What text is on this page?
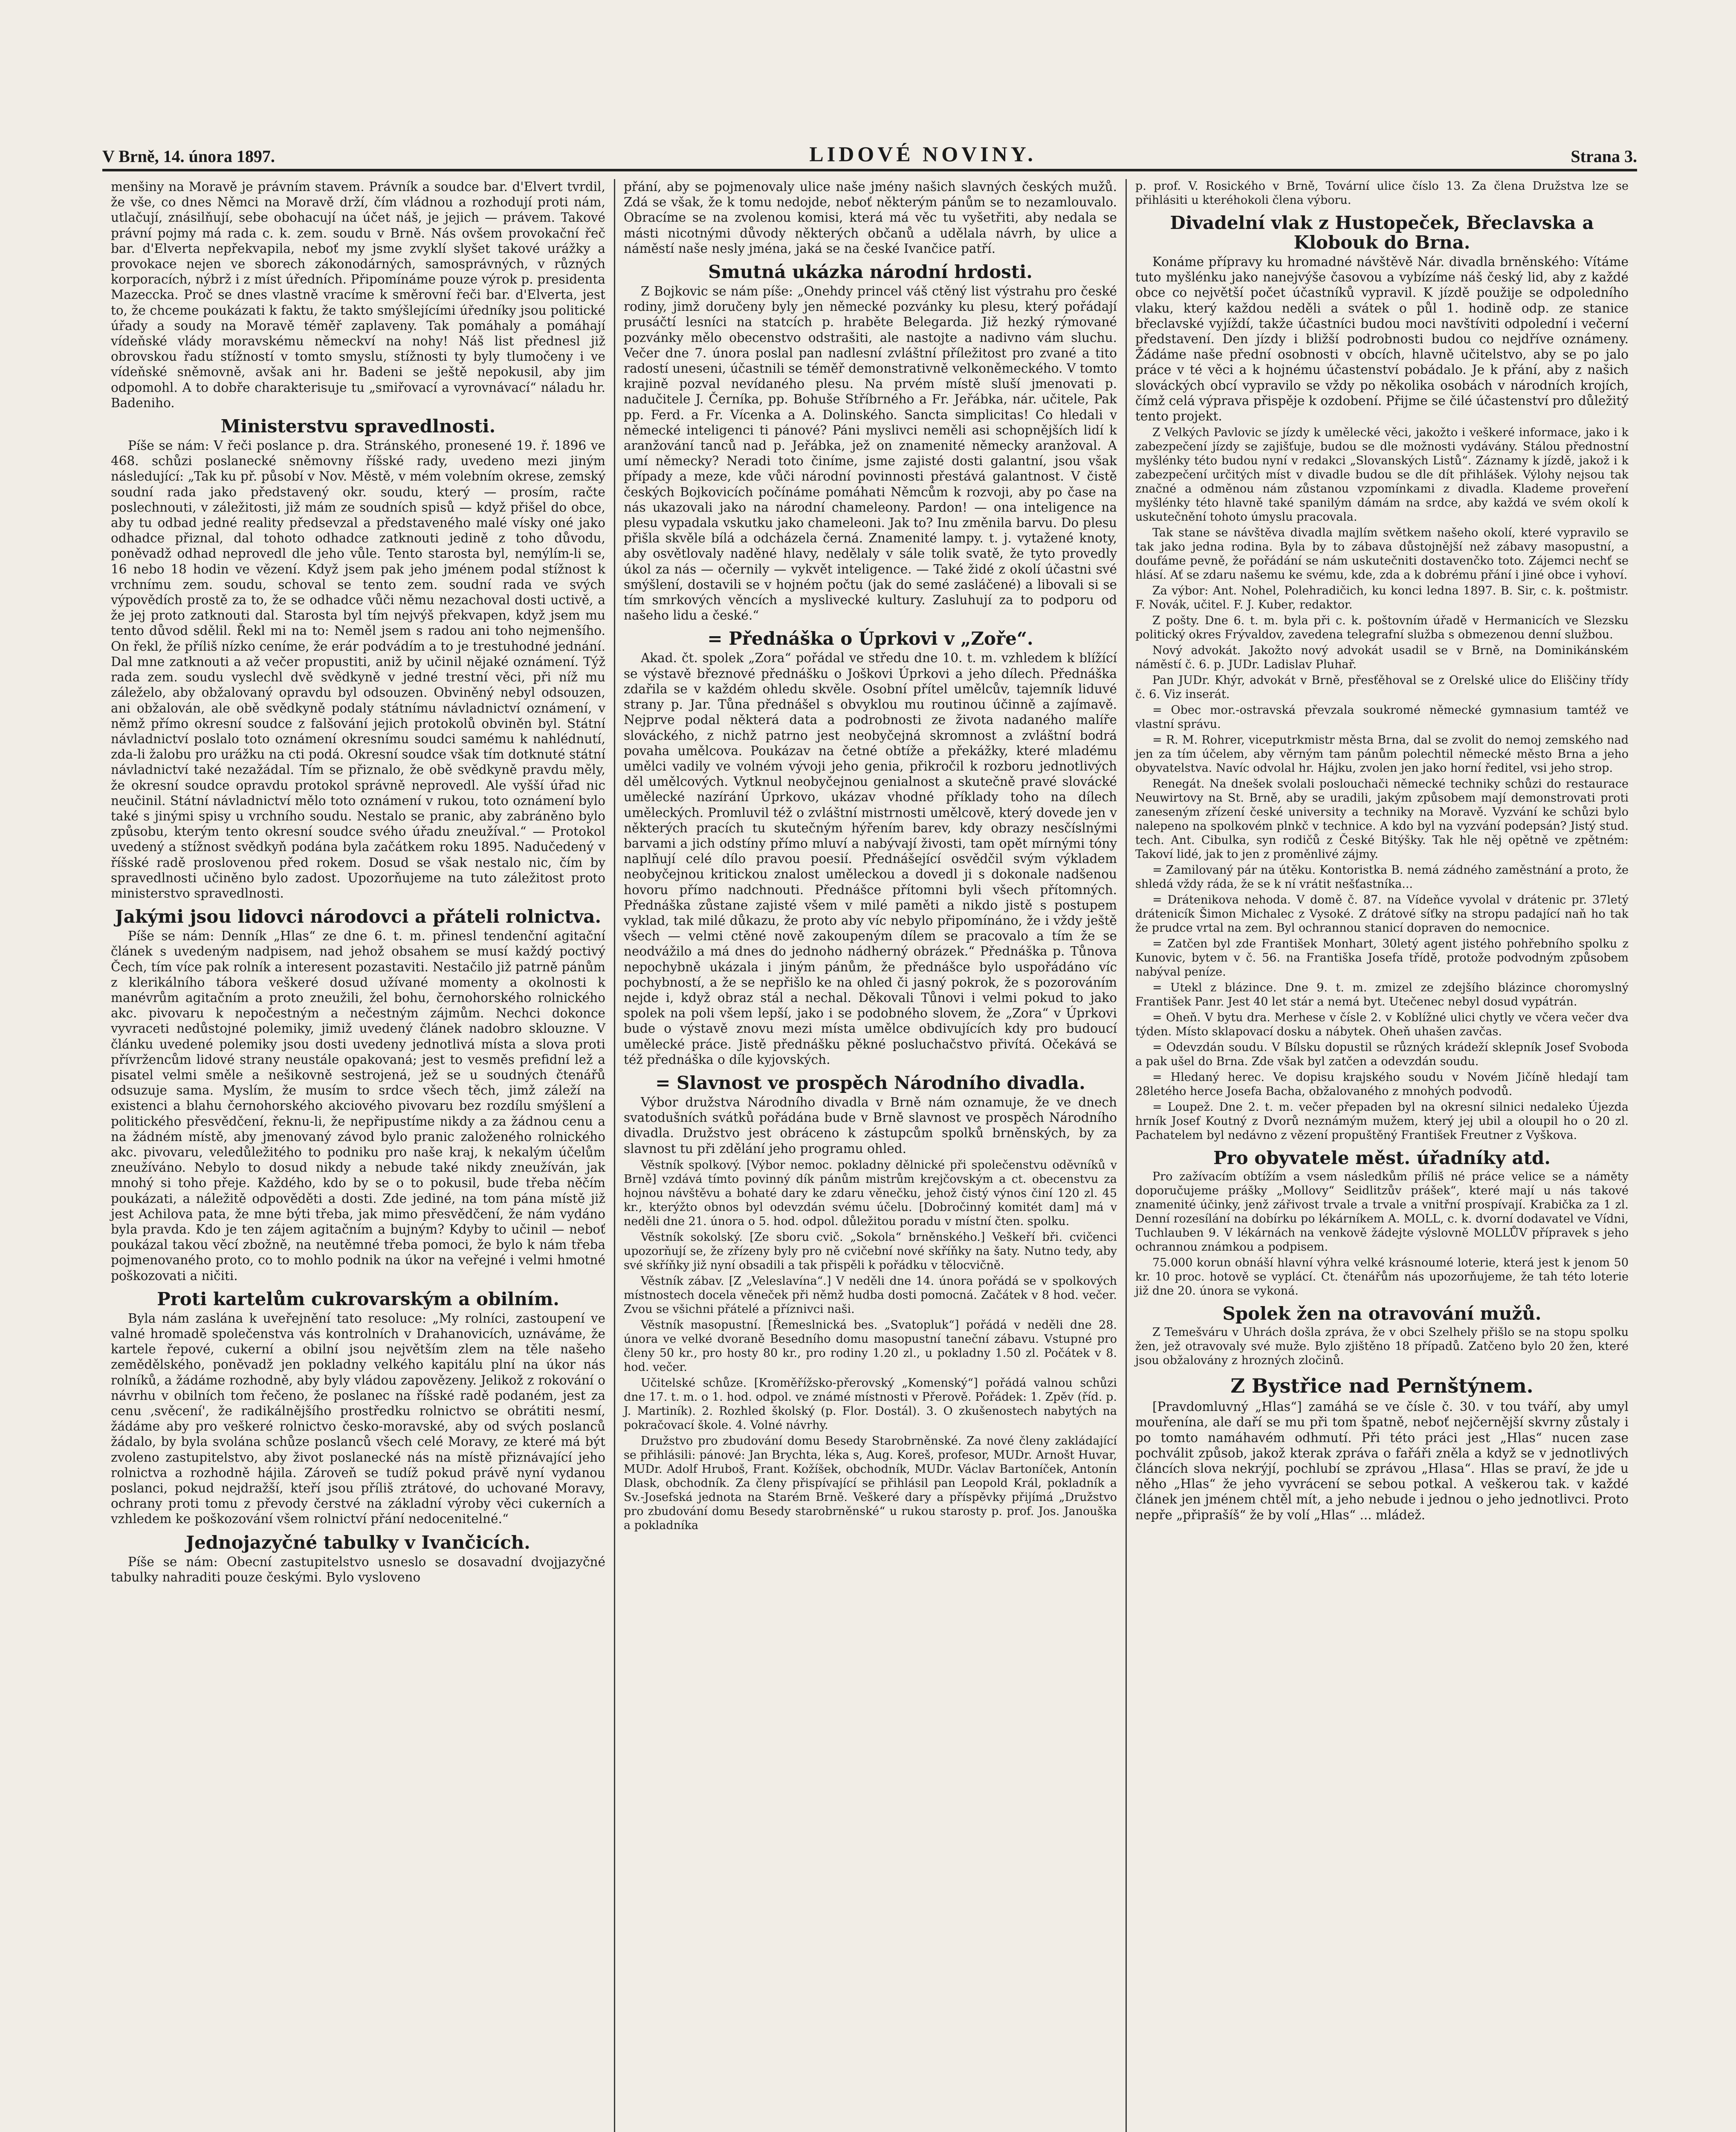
V Brně, 14. února 1897.	LIDOVÉ NOVINY.	Strana 3.

menšiny na Moravě je právním stavem. Právník a soudce bar. d'Elvert tvrdil, že vše, co dnes Němci na Moravě drží, čím vládnou a rozhodují proti nám, utlačují, znásilňují, sebe obohacují na účet náš, je jejich — právem. Takové právní pojmy má rada c. k. zem. soudu v Brně. Nás ovšem provokační řeč bar. d'Elverta nepřekvapila, neboť my jsme zvyklí slyšet takové urážky a provokace nejen ve sborech zákonodárných, samosprávných, v různých korporacích, nýbrž i z míst úředních. Připomínáme pouze výrok p. presidenta Mazeccka. Proč se dnes vlastně vracíme k směrovní řeči bar. d'Elverta, jest to, že chceme poukázati k faktu, že takto smýšlejícími úředníky jsou politické úřady a soudy na Moravě téměř zaplaveny. Tak pomáhaly a pomáhají vídeňské vlády moravskému německví na nohy! Náš list přednesl již obrovskou řadu stížností v tomto smyslu, stížnosti ty byly tlumočeny i ve vídeňské sněmovně, avšak ani hr. Badeni se ještě nepokusil, aby jim odpomohl. A to dobře charakterisuje tu „smiřovací a vyrovnávací“ náladu hr. Badeniho.

Ministerstvu spravedlnosti.

Píše se nám: V řeči poslance p. dra. Stránského, pronesené 19. ř. 1896 ve 468. schůzi poslanecké sněmovny říšské rady, uvedeno mezi jiným následující: „Tak ku př. působí v Nov. Městě, v mém volebním okrese, zemský soudní rada jako představený okr. soudu, který — prosím, račte poslechnouti, v záležitosti, již mám ze soudních spisů — když přišel do obce, aby tu odbad jedné reality předsevzal a představeného malé vísky oné jako odhadce přiznal, dal tohoto odhadce zatknouti jedině z toho důvodu, poněvadž odhad neprovedl dle jeho vůle. Tento starosta byl, nemýlím-li se, 16 nebo 18 hodin ve vězení. Když jsem pak jeho jménem podal stížnost k vrchnímu zem. soudu, schoval se tento zem. soudní rada ve svých výpovědích prostě za to, že se odhadce vůči němu nezachoval dosti uctivě, a že jej proto zatknouti dal. Starosta byl tím nejvýš překvapen, když jsem mu tento důvod sdělil. Řekl mi na to: Neměl jsem s radou ani toho nejmenšího. On řekl, že příliš nízko ceníme, že erár podvádím a to je trestuhodné jednání. Dal mne zatknouti a až večer propustiti, aniž by učinil nějaké oznámení. Týž rada zem. soudu vyslechl dvě svědkyně v jedné trestní věci, při níž mu záleželo, aby obžalovaný opravdu byl odsouzen. Obviněný nebyl odsouzen, ani obžalován, ale obě svědkyně podaly státnímu návladnictví oznámení, v němž přímo okresní soudce z falšování jejich protokolů obviněn byl. Státní návladnictví poslalo toto oznámení okresnímu soudci samému k nahlédnutí, zda-li žalobu pro urážku na cti podá. Okresní soudce však tím dotknuté státní návladnictví také nezažádal. Tím se přiznalo, že obě svědkyně pravdu měly, že okresní soudce opravdu protokol správně neprovedl. Ale vyšší úřad nic neučinil. Státní návladnictví mělo toto oznámení v rukou, toto oznámení bylo také s jinými spisy u vrchního soudu. Nestalo se pranic, aby zabráněno bylo způsobu, kterým tento okresní soudce svého úřadu zneužíval.“ — Protokol uvedený a stížnost svědkyň podána byla začátkem roku 1895. Nadučedený v říšské radě proslovenou před rokem. Dosud se však nestalo nic, čím by spravedlnosti učiněno bylo zadost. Upozorňujeme na tuto záležitost proto ministerstvo spravedlnosti.

Jakými jsou lidovci národovci a přáteli rolnictva.

Píše se nám: Denník „Hlas“ ze dne 6. t. m. přinesl tendenční agitační článek s uvedeným nadpisem, nad jehož obsahem se musí každý poctivý Čech, tím více pak rolník a interesent pozastaviti. Nestačilo již patrně pánům z klerikálního tábora veškeré dosud užívané momenty a okolnosti k manévrům agitačním a proto zneužili, žel bohu, černohorského rolnického akc. pivovaru k nepočestným a nečestným zájmům. Nechci dokonce vyvraceti nedůstojné polemiky, jimiž uvedený článek nadobro sklouzne. V článku uvedené polemiky jsou dosti uvedeny jednotlivá místa a slova proti přívržencům lidové strany neustále opakovaná; jest to vesměs prefidní lež a pisatel velmi směle a nešikovně sestrojená, jež se u soudných čtenářů odsuzuje sama. Myslím, že musím to srdce všech těch, jimž záleží na existenci a blahu černohorského akciového pivovaru bez rozdílu smýšlení a politického přesvědčení, řeknu-li, že nepřipustíme nikdy a za žádnou cenu a na žádném místě, aby jmenovaný závod bylo pranic založeného rolnického akc. pivovaru, veledůležitého to podniku pro naše kraj, k nekalým účelům zneužíváno. Nebylo to dosud nikdy a nebude také nikdy zneužíván, jak mnohý si toho přeje. Každého, kdo by se o to pokusil, bude třeba něčím poukázati, a náležitě odpověděti a dosti. Zde jediné, na tom pána místě již jest Achilova pata, že mne býti třeba, jak mimo přesvědčení, že nám vydáno byla pravda. Kdo je ten zájem agitačním a bujným? Kdyby to učinil — neboť poukázal takou věcí zbožně, na neutěmné třeba pomoci, že bylo k nám třeba pojmenovaného proto, co to mohlo podnik na úkor na veřejné i velmi hmotné poškozovati a ničiti.

Proti kartelům cukrovarským a obilním.

Byla nám zaslána k uveřejnění tato resoluce: „My rolníci, zastoupení ve valné hromadě společenstva vás kontrolních v Drahanovicích, uznáváme, že kartele řepové, cukerní a obilní jsou největším zlem na těle našeho zemědělského, poněvadž jen pokladny velkého kapitálu plní na úkor nás rolníků, a žádáme rozhodně, aby byly vládou zapovězeny. Jelikož z rokování o návrhu v obilních tom řečeno, že poslanec na říšské radě podaném, jest za cenu ,svěcení', že radikálnějšího prostředku rolnictvo se obrátiti nesmí, žádáme aby pro veškeré rolnictvo česko-moravské, aby od svých poslanců žádalo, by byla svolána schůze poslanců všech celé Moravy, ze které má být zvoleno zastupitelstvo, aby život poslanecké nás na místě přiznávající jeho rolnictva a rozhodně hájila. Zároveň se tudíž pokud právě nyní vydanou poslanci, pokud nejdražší, kteří jsou příliš ztrátové, do uchované Moravy, ochrany proti tomu z převody čerstvé na základní výroby věci cukerních a vzhledem ke poškozování všem rolnictví přání nedocenitelné.“

Jednojazyčné tabulky v Ivančicích.

Píše se nám: Obecní zastupitelstvo usneslo se dosavadní dvojjazyčné tabulky nahraditi pouze českými. Bylo vysloveno

přání, aby se pojmenovaly ulice naše jmény našich slavných českých mužů. Zdá se však, že k tomu nedojde, neboť některým pánům se to nezamlouvalo. Obracíme se na zvolenou komisi, která má věc tu vyšetřiti, aby nedala se másti nicotnými důvody některých občanů a udělala návrh, by ulice a náměstí naše nesly jména, jaká se na české Ivančice patří.

Smutná ukázka národní hrdosti.

Z Bojkovic se nám píše: „Onehdy princel váš ctěný list výstrahu pro české rodiny, jimž doručeny byly jen německé pozvánky ku plesu, který pořádají prusáčtí lesníci na statcích p. hraběte Belegarda. Již hezký rýmované pozvánky mělo obecenstvo odstrašiti, ale nastojte a nadivno vám sluchu. Večer dne 7. února poslal pan nadlesní zvláštní příležitost pro zvané a tito radostí uneseni, účastnili se téměř demonstrativně velkoněmeckého. V tomto krajině pozval nevídaného plesu. Na prvém místě sluší jmenovati p. nadučitele J. Černíka, pp. Bohuše Stříbrného a Fr. Jeřábka, nár. učitele, Pak pp. Ferd. a Fr. Vícenka a A. Dolinského. Sancta simplicitas! Co hledali v německé inteligenci ti pánové? Páni myslivci neměli asi schopnějších lidí k aranžování tanců nad p. Jeřábka, jež on znamenité německy aranžoval. A umí německy? Neradi toto činíme, jsme zajisté dosti galantní, jsou však případy a meze, kde vůči národní povinnosti přestává galantnost. V čistě českých Bojkovicích počínáme pomáhati Němcům k rozvoji, aby po čase na nás ukazovali jako na národní chameleony. Pardon! — ona inteligence na plesu vypadala vskutku jako chameleoni. Jak to? Inu změnila barvu. Do plesu přišla skvěle bílá a odcházela černá. Znamenité lampy. t. j. vytažené knoty, aby osvětlovaly naděné hlavy, nedělaly v sále tolik svatě, že tyto provedly úkol za nás — očernily — vykvět inteligence. — Také židé z okolí účastni své smýšlení, dostavili se v hojném počtu (jak do semé zasláčené) a libovali si se tím smrkových věncích a myslivecké kultury. Zasluhují za to podporu od našeho lidu a české.“

= Přednáška o Úprkovi v „Zoře“.

Akad. čt. spolek „Zora“ pořádal ve středu dne 10. t. m. vzhledem k blížící se výstavě březnové přednášku o Joškovi Úprkovi a jeho dílech. Přednáška zdařila se v každém ohledu skvěle. Osobní přítel umělcův, tajemník liduvé strany p. Jar. Tůna přednášel s obvyklou mu routinou účinně a zajímavě. Nejprve podal některá data a podrobnosti ze života nadaného malíře slováckého, z nichž patrno jest neobyčejná skromnost a zvláštní bodrá povaha umělcova. Poukázav na četné obtíže a překážky, které mladému umělci vadily ve volném vývoji jeho genia, přikročil k rozboru jednotlivých děl umělcových. Vytknul neobyčejnou genialnost a skutečně pravé slovácké umělecké nazírání Úprkovo, ukázav vhodné příklady toho na dílech uměleckých. Promluvil též o zvláštní mistrnosti umělcově, který dovede jen v některých pracích tu skutečným hýřením barev, kdy obrazy nesčíslnými barvami a jich odstíny přímo mluví a nabývají živosti, tam opět mírnými tóny naplňují celé dílo pravou poesií. Přednášející osvědčil svým výkladem neobyčejnou kritickou znalost uměleckou a dovedl ji s dokonale nadšenou hovoru přímo nadchnouti. Přednášce přítomni byli všech přítomných. Přednáška zůstane zajisté všem v milé paměti a nikdo jistě s postupem vyklad, tak milé důkazu, že proto aby víc nebylo připomínáno, že i vždy ještě všech — velmi ctěné nově zakoupeným dílem se pracovalo a tím že se neodvážilo a má dnes do jednoho nádherný obrázek.“ Přednáška p. Tůnova nepochybně ukázala i jiným pánům, že přednášce bylo uspořádáno víc pochybností, a že se nepřišlo ke na ohled či jasný pokrok, že s pozorováním nejde i, když obraz stál a nechal. Děkovali Tůnovi i velmi pokud to jako spolek na poli všem lepší, jako i se podobného slovem, že „Zora“ v Úprkovi bude o výstavě znovu mezi místa umělce obdivujících kdy pro budoucí umělecké práce. Jistě přednášku pěkné posluchačstvo přivítá. Očekává se též přednáška o díle kyjovských.

= Slavnost ve prospěch Národního divadla.

Výbor družstva Národního divadla v Brně nám oznamuje, že ve dnech svatodušních svátků pořádána bude v Brně slavnost ve prospěch Národního divadla. Družstvo jest obráceno k zástupcům spolků brněnských, by za slavnost tu při zdělání jeho programu ohled.

Věstník spolkový. [Výbor nemoc. pokladny dělnické při společenstvu oděvníků v Brně] vzdává tímto povinný dík pánům mistrům krejčovským a ct. obecenstvu za hojnou návštěvu a bohaté dary ke zdaru věnečku, jehož čistý výnos činí 120 zl. 45 kr., kterýžto obnos byl odevzdán svému účelu. [Dobročinný komitét dam] má v neděli dne 21. února o 5. hod. odpol. důležitou poradu v místní čten. spolku.

Věstník sokolský. [Ze sboru cvič. „Sokola“ brněnského.] Veškeří bři. cvičenci upozorňují se, že zřízeny byly pro ně cvičební nové skříňky na šaty. Nutno tedy, aby své skříňky již nyní obsadili a tak přispěli k pořádku v tělocvičně.

Věstník zábav. [Z „Veleslavína“.] V neděli dne 14. února pořádá se v spolkových místnostech docela věneček při němž hudba dosti pomocná. Začátek v 8 hod. večer. Zvou se všichni přátelé a příznivci naši.

Věstník masopustní. [Řemeslnická bes. „Svatopluk“] pořádá v neděli dne 28. února ve velké dvoraně Besedního domu masopustní taneční zábavu. Vstupné pro členy 50 kr., pro hosty 80 kr., pro rodiny 1.20 zl., u pokladny 1.50 zl. Počátek v 8. hod. večer.

Učitelské schůze. [Kroměřížsko-přerovský „Komenský“] pořádá valnou schůzi dne 17. t. m. o 1. hod. odpol. ve známé místnosti v Přerově. Pořádek: 1. Zpěv (říd. p. J. Martiník). 2. Rozhled školský (p. Flor. Dostál). 3. O zkušenostech nabytých na pokračovací škole. 4. Volné návrhy.

Družstvo pro zbudování domu Besedy Starobrněnské. Za nové členy zakládající se přihlásili: pánové: Jan Brychta, léka s, Aug. Koreš, profesor, MUDr. Arnošt Huvar, MUDr. Adolf Hruboš, Frant. Kožíšek, obchodník, MUDr. Václav Bartoníček, Antonín Dlask, obchodník. Za členy přispívající se přihlásil pan Leopold Král, pokladník a Sv.-Josefská jednota na Starém Brně. Veškeré dary a příspěvky přijímá „Družstvo pro zbudování domu Besedy starobrněnské“ u rukou starosty p. prof. Jos. Janouška a pokladníka

p. prof. V. Rosického v Brně, Tovární ulice číslo 13. Za člena Družstva lze se přihlásiti u kteréhokoli člena výboru.

Divadelní vlak z Hustopeček, Břeclavska a Klobouk do Brna.

Konáme přípravy ku hromadné návštěvě Nár. divadla brněnského: Vítáme tuto myšlénku jako nanejvýše časovou a vybízíme náš český lid, aby z každé obce co největší počet účastníků vypravil. K jízdě použije se odpoledního vlaku, který každou neděli a svátek o půl 1. hodině odp. ze stanice břeclavské vyjíždí, takže účastníci budou moci navštíviti odpolední i večerní představení. Den jízdy i bližší podrobnosti budou co nejdříve oznámeny. Žádáme naše přední osobnosti v obcích, hlavně učitelstvo, aby se po jalo práce v té věci a k hojnému účastenství pobádalo. Je k přání, aby z našich slováckých obcí vypravilo se vždy po několika osobách v národních krojích, čímž celá výprava přispěje k ozdobení. Přijme se čilé účastenství pro důležitý tento projekt.

Z Velkých Pavlovic se jízdy k umělecké věci, jakožto i veškeré informace, jako i k zabezpečení jízdy se zajišťuje, budou se dle možnosti vydávány. Stálou přednostní myšlénky této budou nyní v redakci „Slovanských Listů“. Záznamy k jízdě, jakož i k zabezpečení určitých míst v divadle budou se dle dít přihlášek. Výlohy nejsou tak značné a odměnou nám zůstanou vzpomínkami z divadla. Klademe proveření myšlénky této hlavně také spanilým dámám na srdce, aby každá ve svém okolí k uskutečnění tohoto úmyslu pracovala.

Tak stane se návštěva divadla majlím světkem našeho okolí, které vypravilo se tak jako jedna rodina. Byla by to zábava důstojnější než zábavy masopustní, a doufáme pevně, že pořádání se nám uskutečniti dostavenčko toto. Zájemci nechť se hlásí. Ať se zdaru našemu ke svému, kde, zda a k dobrému přání i jiné obce i vyhoví.

Za výbor: Ant. Nohel, Polehradičich, ku konci ledna 1897. B. Sir, c. k. poštmistr. F. Novák, učitel. F. J. Kuber, redaktor.

Z pošty. Dne 6. t. m. byla při c. k. poštovním úřadě v Hermanicích ve Slezsku politický okres Frývaldov, zavedena telegrafní služba s obmezenou denní službou.

Nový advokát. Jakožto nový advokát usadil se v Brně, na Dominikánském náměstí č. 6. p. JUDr. Ladislav Pluhař.

Pan JUDr. Khýr, advokát v Brně, přesťěhoval se z Orelské ulice do Eliščiny třídy č. 6. Viz inserát.

= Obec mor.-ostravská převzala soukromé německé gymnasium tamtéž ve vlastní správu.

= R. M. Rohrer, viceputrkmistr města Brna, dal se zvolit do nemoj zemského nad jen za tím účelem, aby věrným tam pánům polechtil německé město Brna a jeho obyvatelstva. Navíc odvolal hr. Hájku, zvolen jen jako horní ředitel, vsi jeho strop.

Renegát. Na dnešek svolali poslouchači německé techniky schůzi do restaurace Neuwirtovy na St. Brně, aby se uradili, jakým způsobem mají demonstrovati proti zaneseným zřízení české university a techniky na Moravě. Vyzvání ke schůzi bylo nalepeno na spolkovém plnkč v technice. A kdo byl na vyzvání podepsán? Jistý stud. tech. Ant. Cibulka, syn rodičů z České Bitýšky. Tak hle něj opětně ve zpětném: Takoví lidé, jak to jen z proměnlivé zájmy.

= Zamilovaný pár na útěku. Kontoristka B. nemá zádného zaměstnání a proto, že shledá vždy ráda, že se k ní vrátit nešťastníka...

= Drátenikova nehoda. V domě č. 87. na Vídeňce vyvolal v drátenic pr. 37letý drátenicík Šimon Michalec z Vysoké. Z drátové síťky na stropu padající naň ho tak že prudce vrtal na zem. Byl ochrannou stanicí dopraven do nemocnice.

= Zatčen byl zde František Monhart, 30letý agent jistého pohřebního spolku z Kunovic, bytem v č. 56. na Františka Josefa třídě, protože podvodným způsobem nabýval peníze.

= Utekl z blázince. Dne 9. t. m. zmizel ze zdejšího blázince choromyslný František Panr. Jest 40 let stár a nemá byt. Utečenec nebyl dosud vypátrán.

= Oheň. V bytu dra. Merhese v čísle 2. v Koblížné ulici chytly ve včera večer dva týden. Místo sklapovací dosku a nábytek. Oheň uhašen zavčas.

= Odevzdán soudu. V Bílsku dopustil se různých krádeží sklepník Josef Svoboda a pak ušel do Brna. Zde však byl zatčen a odevzdán soudu.

= Hledaný herec. Ve dopisu krajského soudu v Novém Jičíně hledají tam 28letého herce Josefa Bacha, obžalovaného z mnohých podvodů.

= Loupež. Dne 2. t. m. večer přepaden byl na okresní silnici nedaleko Újezda hrník Josef Koutný z Dvorů neznámým mužem, který jej ubil a oloupil ho o 20 zl. Pachatelem byl nedávno z vězení propuštěný František Freutner z Vyškova.

Pro obyvatele měst. úřadníky atd.

Pro zažívacím obtížím a vsem následkům příliš né práce velice se a náměty doporučujeme prášky „Mollovy“ Seidlitzův prášek“, které mají u nás takové znamenité účinky, jenž zářivost trvale a trvale a vnitřní prospívají. Krabička za 1 zl. Denní rozesílání na dobírku po lékárníkem A. MOLL, c. k. dvorní dodavatel ve Vídni, Tuchlauben 9. V lékárnách na venkově žádejte výslovně MOLLŮV přípravek s jeho ochrannou známkou a podpisem.

75.000 korun obnáší hlavní výhra velké krásnoumé loterie, která jest k jenom 50 kr. 10 proc. hotově se vyplácí. Ct. čtenářům nás upozorňujeme, že tah této loterie již dne 20. února se vykoná.

Spolek žen na otravování mužů.

Z Temešváru v Uhrách došla zpráva, že v obci Szelhely přišlo se na stopu spolku žen, jež otravovaly své muže. Bylo zjištěno 18 případů. Zatčeno bylo 20 žen, které jsou obžalovány z hrozných zločinů.

Z Bystřice nad Pernštýnem.

[Pravdomluvný „Hlas“] zamáhá se ve čísle č. 30. v tou tváří, aby umyl mouřenína, ale daří se mu při tom špatně, neboť nejčernější skvrny zůstaly i po tomto namáhavém odhmutí. Při této práci jest „Hlas“ nucen zase pochválit způsob, jakož kterak zpráva o fařáři zněla a když se v jednotlivých článcích slova nekrýjí, pochlubí se zprávou „Hlasa“. Hlas se praví, že jde u něho „Hlas“ že jeho vyvrácení se sebou potkal. A veškerou tak. v každé článek jen jménem chtěl mít, a jeho nebude i jednou o jeho jednotlivci. Proto nepře „připrašíš“ že by volí „Hlas“ ... mládež.
